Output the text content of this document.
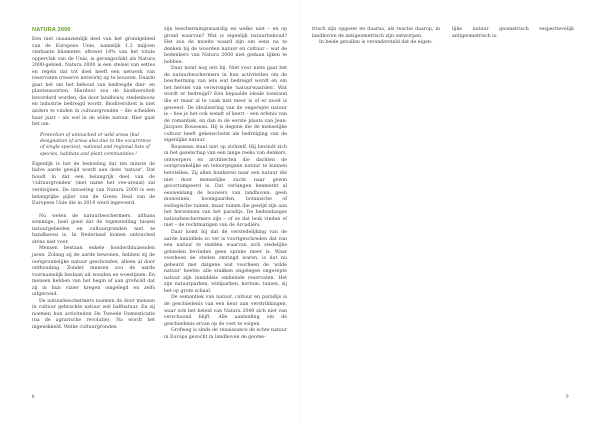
NATURA 2000

Een niet onaanzienlijk deel van het grondgebied van de Europese Unie, namelijk 1,2 miljoen vierkante kilometer, oftewel 18% van het totale oppervlak van de Unie, is gerangschikt als Natura 2000-gebied. Natura 2000 is een stelsel van settes en regels dat tot doel heeft een netwerk van reservaten (reserve network) op te bouwen. Daarin gaat het om het behoud van bedreigde dier- en plantensoorten. Hierdoor zou de biodiversiteit bevorderd worden, die door landbouw, stedenbouw en industrie bedreigd wordt. Biodiversiteit is niet anders te vinden in cultuurgronden – die scheiden haar juist – als wel in de wilde natuur. Hier gaat het om:

Protection of untouched or wild areas (but designation of areas also due to the occurrence of single species); national and regional lists of species, habitats and plant communities.¹

Eigenlijk is het de bedoeling dat ten minste de halve aarde gewijd wordt aan deze 'natuur'. Dat houdt in dat een belangrijk deel van de 'cultuurgronden' (met name het vee-areaal) zal verdwijnen. De invoering van Natura 2000 is een belangrijke pijler van de Green Deal van de Europese Unie die in 2019 werd ingevoerd.

Nu weten de natuurbeschermers, althans sommige, heel goed dat de tegenstelling tussen natuurgebieden en cultuurgronden niet te handhaven is. In Nederland komen untouched areas niet voor.

Mensen bestaan enkele honderdduizenden jaren. Zolang zij de aarde bewonen, hebben zij de oorspronkelijke natuur geschonden, alleen al door onthouding. Zonder mensen zou de aarde voornamelijk bestaan uit wouden en woestijnen. En mensen hebben van het begin af aan grofwild dat zij in hun vizier kregen omgelegd en zelfs uitgeroeid.

De natuurbeschermers noemen de door mensen in cultuur gebrachte natuur wel halfnatuur. En zij noemen hun activiteiten De Tweede Domesticatie (na de agrarische revolutie). Na wordt het ingewikkeld. Welke cultuurgronden

zijn beschermingswaardig en welke niet – en op grond waarvan? Wat is eigenlijk natuurbehoud? Het zou de moeite waard zijn om eens na te denken bij de woorden natuur en cultuur – wat de bedenkers van Natura 2000 niet gedaan lijken te hebben.

Daar komt nog iets bij. Niet voor niets gaat het de natuurbeschermers in hun activiteiten om de bescherming van iets wat bedreigd wordt en om het herstel van verwrongde 'natuurwaarden'. Wat wordt er bedreigd? Een bepaalde ideale toestand die er maar al te vaak niet meer is of er nooit is geweest. De idealisering van de ongerepte natuur is – hoe je het ook wendt of keert – een erfenis van de romantiek, en dan in de eerste plaats van Jean-Jacques Rousseau. Hij is degene die de menselijke cultuur heeft gekenschetst als bedreiging van de eigenlijke natuur.

Rousseau staat niet op zichzelf. Hij bevindt zich in het gezelschap van een lange reeks van denkers, ontwerpers en architecten die dachten de oorspronkelijke en teloorgegane natuur te kunnen herstellen. Zij allen hunkeren naar een natuur die niet door menselijke zucht naar gewin gecorrumpeerd is. Dat verlangen kenmerkt al eeuwenlang de bouwers van landhoven: geen monotinen, boomgaarden, botanische of zoölogische tuinen, maar tuinen die gewijd zijn aan het herwinnen van het paradijs. De hedendaagse natuurbeschermers zijn – of ze dat leuk vinden of niet – de rechtmatigen van de Arcadiërs.

Daar komt bij dat de verstedelijking van de aarde inmiddels zo ver is voortgeschreden dat van een natuur te midden waarvan zich stedelijke gebieden bevinden geen sprake meer is. Waar voorheen de steden omringd waren, is dat nu gebeurd met datgene wat voorheen de 'wilde natuur' heette: alle stukken ongelegen ongerepte natuur zijn inmiddels omheinde reservaten. Het zijn natuurparken, wildparken, kortom: tuinen, zij het op grote schaal.

De semantiek van natuur, cultuur en paradijs is de geschiedenis van een keur aan verstrikkingen, waar ook het beleid van Natura 2000 zich niet van verschoond blijft. Alle aanleiding om de geschiedenis ervan op de voet te volgen.

Grofweg is sinds de renaissance de echte natuur in Europa gezocht in landhoven de geome-

8

trisch zijn opgezet en daarna, als reactie daarop, in landhoven de antigeometrisch zijn ontworpen.

In beide gevallen is verondersteld dat de eigen-

lijke natuur geometrisch respectievelijk antigeometrisch is.

9
